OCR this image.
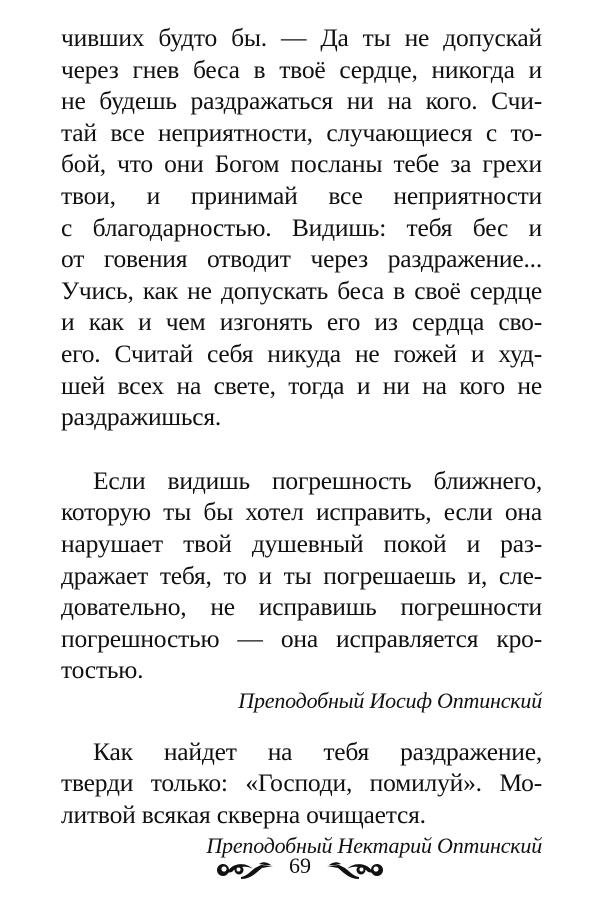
чивших будто бы. — Да ты не допускай
через гнев беса в твоё сердце, никогда и
не будешь раздражаться ни на кого. Счи-
тай все неприятности, случающиеся с то-
бой, что они Богом посланы тебе за грехи
твои, и принимай все неприятности
с благодарностью. Видишь: тебя бес и
от говения отводит через раздражение...
Учись, как не допускать беса в своё сердце
и как и чем изгонять его из сердца сво-
его. Считай себя никуда не гожей и худ-
шей всех на свете, тогда и ни на кого не
раздражишься.
Если видишь погрешность ближнего,
которую ты бы хотел исправить, если она
нарушает твой душевный покой и раз-
дражает тебя, то и ты погрешаешь и, сле-
довательно, не исправишь погрешности
погрешностью — она исправляется кро-
тостью.

Преподобный Иосиф Оптинский

Как найдет на тебя раздражение,
тверди только: «Господи, помилуй». Мо-
литвой всякая скверна очищается.

Преподобный Нектарий Оптинский

69
